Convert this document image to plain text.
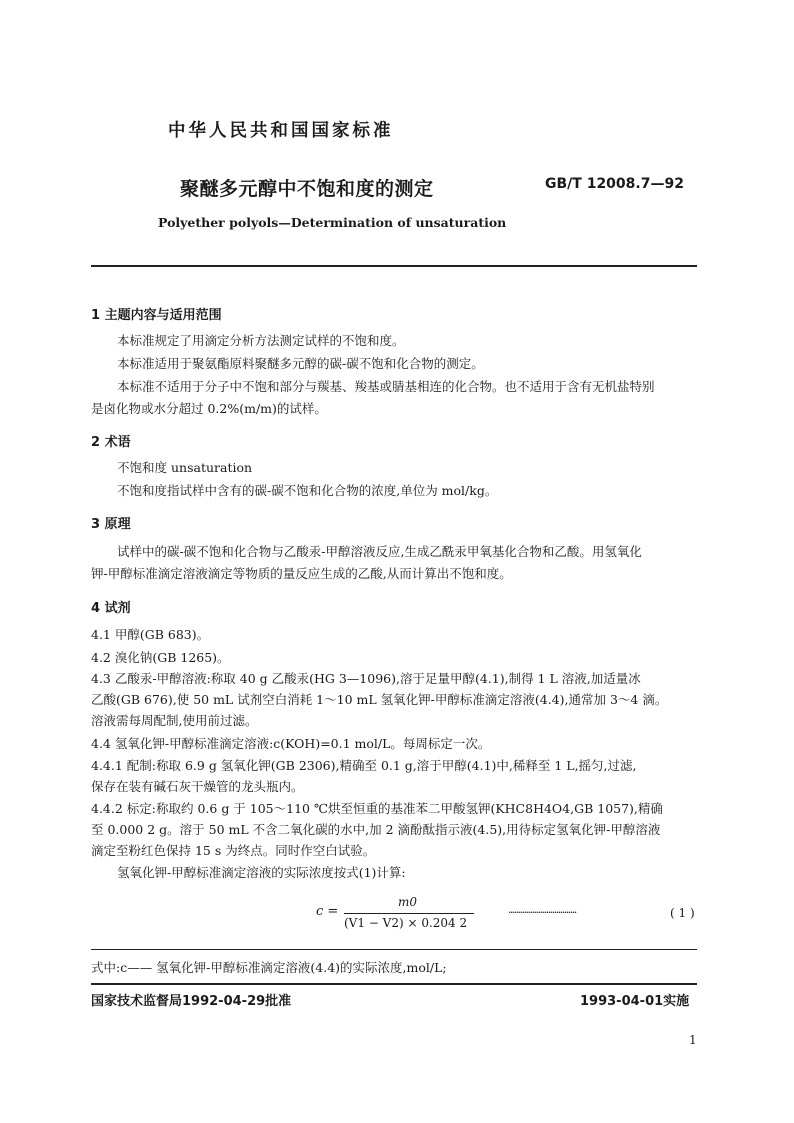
中华人民共和国国家标准
聚醚多元醇中不饱和度的测定	GB/T 12008.7—92
Polyether polyols—Determination of unsaturation
1 主题内容与适用范围
本标准规定了用滴定分析方法测定试样的不饱和度。
本标准适用于聚氨酯原料聚醚多元醇的碳-碳不饱和化合物的测定。
本标准不适用于分子中不饱和部分与羰基、羧基或腈基相连的化合物。也不适用于含有无机盐特别
是卤化物或水分超过 0.2%(m/m)的试样。
2 术语
不饱和度 unsaturation
不饱和度指试样中含有的碳-碳不饱和化合物的浓度,单位为 mol/kg。
3 原理
试样中的碳-碳不饱和化合物与乙酸汞-甲醇溶液反应,生成乙酰汞甲氧基化合物和乙酸。用氢氧化
钾-甲醇标准滴定溶液滴定等物质的量反应生成的乙酸,从而计算出不饱和度。
4 试剂
4.1 甲醇(GB 683)。
4.2 溴化钠(GB 1265)。
4.3 乙酸汞-甲醇溶液:称取 40 g 乙酸汞(HG 3—1096),溶于足量甲醇(4.1),制得 1 L 溶液,加适量冰
乙酸(GB 676),使 50 mL 试剂空白消耗 1～10 mL 氢氧化钾-甲醇标准滴定溶液(4.4),通常加 3～4 滴。
溶液需每周配制,使用前过滤。
4.4 氢氧化钾-甲醇标准滴定溶液:c(KOH)=0.1 mol/L。每周标定一次。
4.4.1 配制:称取 6.9 g 氢氧化钾(GB 2306),精确至 0.1 g,溶于甲醇(4.1)中,稀释至 1 L,摇匀,过滤,
保存在装有碱石灰干燥管的龙头瓶内。
4.4.2 标定:称取约 0.6 g 于 105～110 ℃烘至恒重的基准苯二甲酸氢钾(KHC8H4O4,GB 1057),精确
至 0.000 2 g。溶于 50 mL 不含二氧化碳的水中,加 2 滴酚酞指示液(4.5),用待标定氢氧化钾-甲醇溶液
滴定至粉红色保持 15 s 为终点。同时作空白试验。
氢氧化钾-甲醇标准滴定溶液的实际浓度按式(1)计算:
c =
m0
(V1 − V2) × 0.204 2
··································	( 1 )
式中:c—— 氢氧化钾-甲醇标准滴定溶液(4.4)的实际浓度,mol/L;
国家技术监督局1992-04-29批准	1993-04-01实施
1
